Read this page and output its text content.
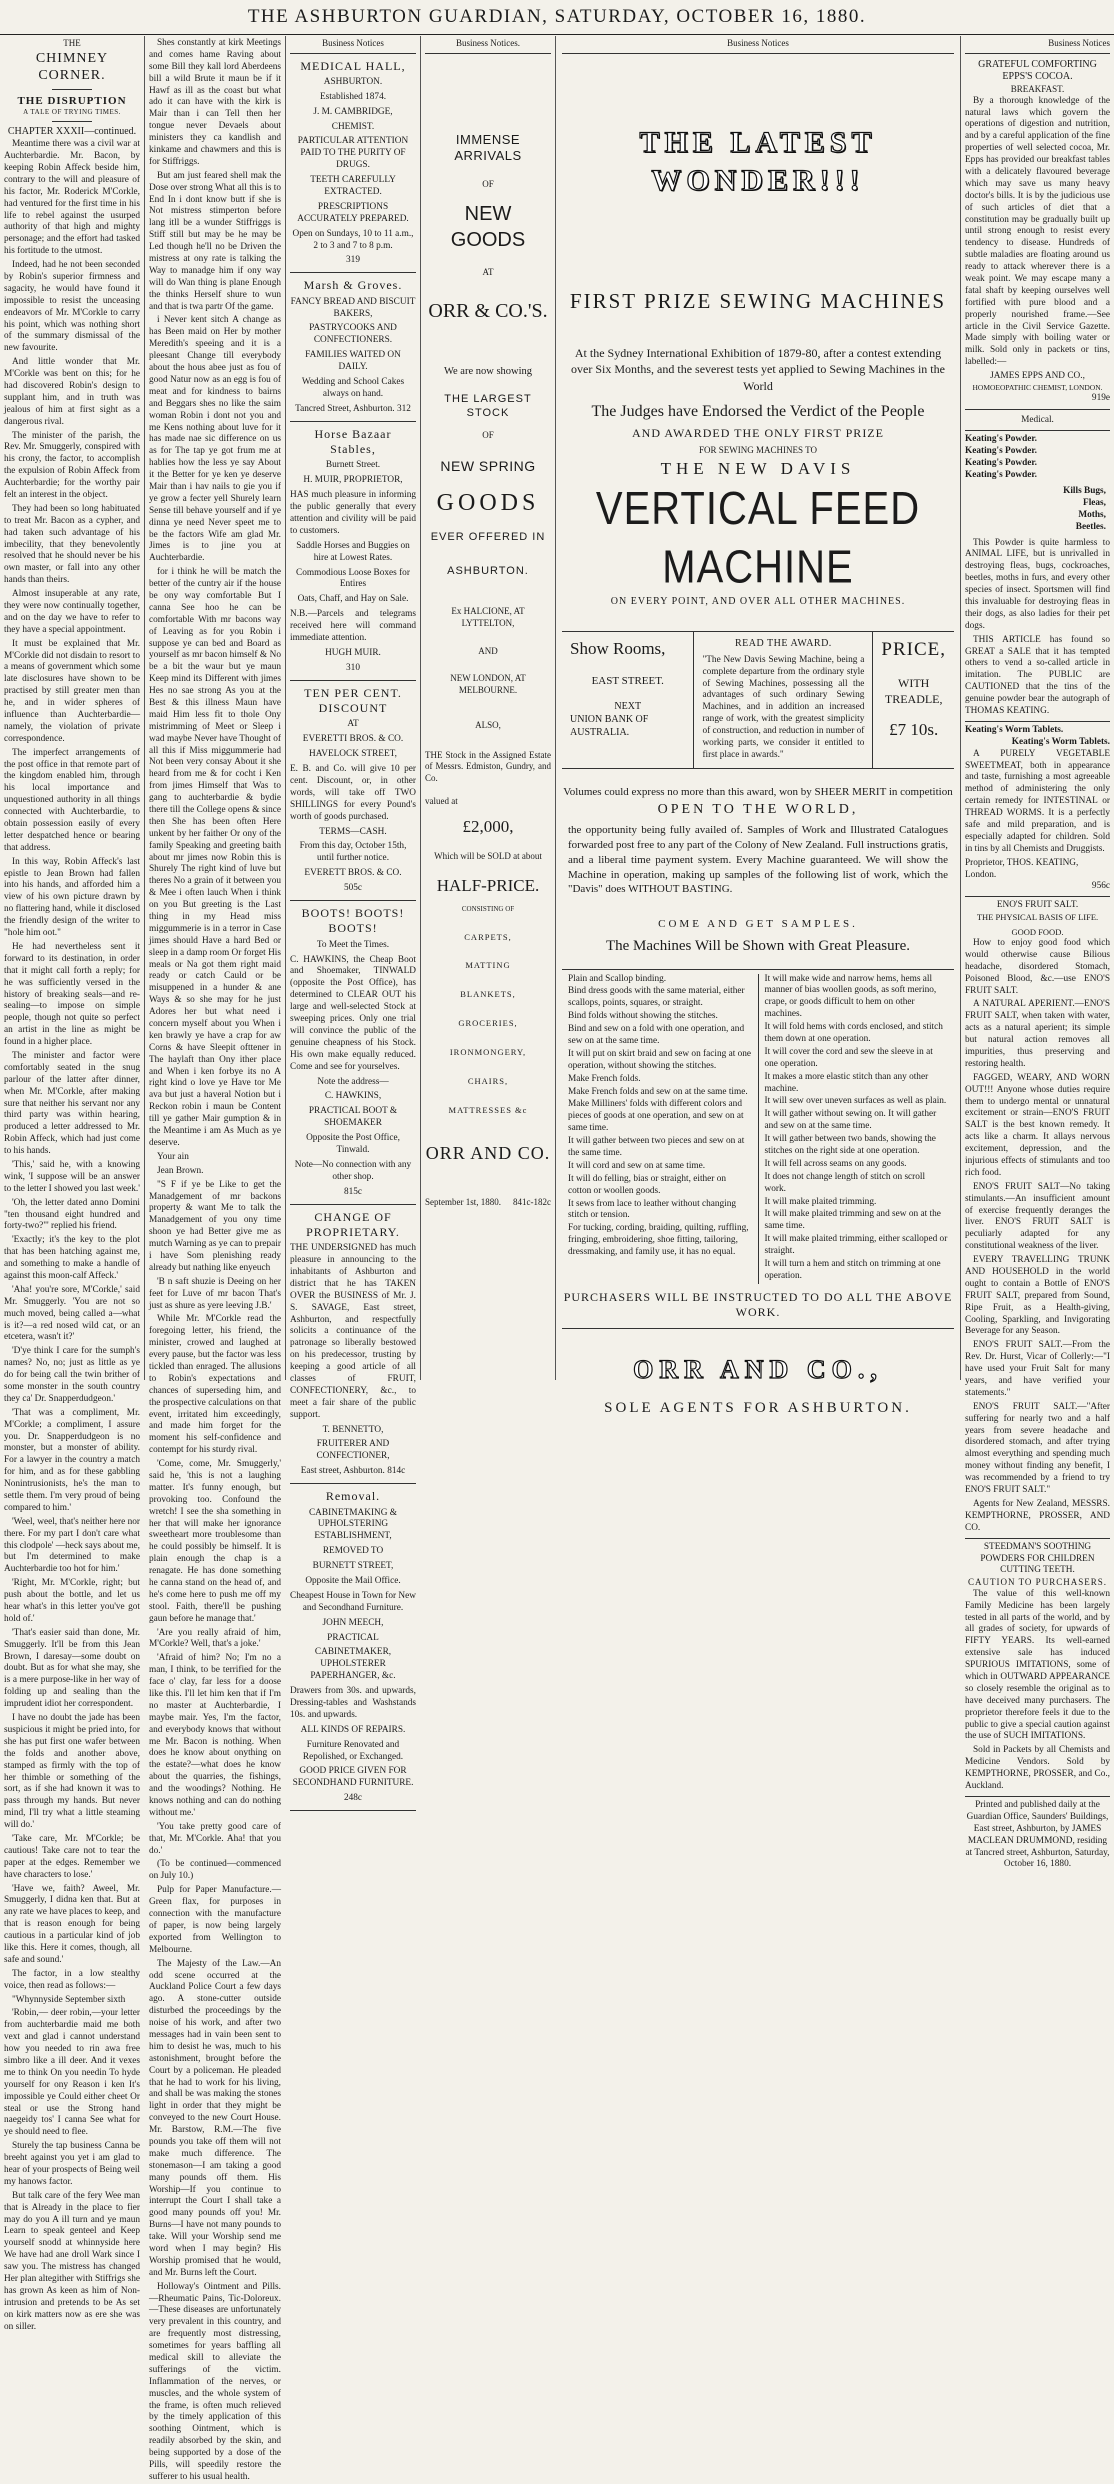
THE ASHBURTON GUARDIAN, SATURDAY, OCTOBER 16, 1880.
THE
CHIMNEY CORNER.
THE DISRUPTION
A TALE OF TRYING TIMES.
CHAPTER XXXII—continued.

Meantime there was a civil war at Auchterbardie. Mr. Bacon, by keeping Robin Affeck beside him, contrary to the will and pleasure of his factor, Mr. Roderick M'Corkle, had ventured for the first time in his life to rebel against the usurped authority of that high and mighty personage; and the effort had tasked his fortitude to the utmost.

Indeed, had he not been seconded by Robin's superior firmness and sagacity, he would have found it impossible to resist the unceasing endeavors of Mr. M'Corkle to carry his point, which was nothing short of the summary dismissal of the new favourite.

And little wonder that Mr. M'Corkle was bent on this; for he had discovered Robin's design to supplant him, and in truth was jealous of him at first sight as a dangerous rival.

The minister of the parish, the Rev. Mr. Smuggerly, conspired with his crony, the factor, to accomplish the expulsion of Robin Affeck from Auchterbardie; for the worthy pair felt an interest in the object.

They had been so long habituated to treat Mr. Bacon as a cypher, and had taken such advantage of his imbecility, that they benevolently resolved that he should never be his own master, or fall into any other hands than theirs.

Almost insuperable at any rate, they were now continually together, and on the day we have to refer to they have a special appointment.

It must be explained that Mr. M'Corkle did not disdain to resort to a means of government which some late disclosures have shown to be practised by still greater men than he, and in wider spheres of influence than Auchterbardie—namely, the violation of private correspondence.

The imperfect arrangements of the post office in that remote part of the kingdom enabled him, through his local importance and unquestioned authority in all things connected with Auchterbardie, to obtain possession easily of every letter despatched hence or bearing that address.

In this way, Robin Affeck's last epistle to Jean Brown had fallen into his hands, and afforded him a view of his own picture drawn by no flattering hand, while it disclosed the friendly design of the writer to "hole him oot."

He had nevertheless sent it forward to its destination, in order that it might call forth a reply; for he was sufficiently versed in the history of breaking seals—and re-sealing—to impose on simple people, though not quite so perfect an artist in the line as might be found in a higher place.

The minister and factor were comfortably seated in the snug parlour of the latter after dinner, when Mr. M'Corkle, after making sure that neither his servant nor any third party was within hearing, produced a letter addressed to Mr. Robin Affeck, which had just come to his hands.

'This,' said he, with a knowing wink, 'I suppose will be an answer to the letter I showed you last week.'

'Oh, the letter dated anno Domini "ten thousand eight hundred and forty-two?"' replied his friend.

'Exactly; it's the key to the plot that has been hatching against me, and something to make a handle of against this moon-calf Affeck.'

'Aha! you're sore, M'Corkle,' said Mr. Smuggerly. 'You are not so much moved, being called a—what is it?—a red nosed wild cat, or an etcetera, wasn't it?'

'D'ye think I care for the sumph's names? No, no; just as little as ye do for being call the twin brither of some monster in the south country they ca' Dr. Snapperdudgeon.'

'That was a compliment, Mr. M'Corkle; a compliment, I assure you. Dr. Snapperdudgeon is no monster, but a monster of ability. For a lawyer in the country a match for him, and as for these gabbling Nonintrusionists, he's the man to settle them. I'm very proud of being compared to him.'

'Weel, weel, that's neither here nor there. For my part I don't care what this clodpole' —heck says about me, but I'm determined to make Auchterbardie too hot for him.'

'Right, Mr. M'Corkle, right; but push about the bottle, and let us hear what's in this letter you've got hold of.'

'That's easier said than done, Mr. Smuggerly. It'll be from this Jean Brown, I daresay—some doubt on doubt. But as for what she may, she is a mere purpose-like in her way of folding up and sealing than the imprudent idiot her correspondent.

I have no doubt the jade has been suspicious it might be pried into, for she has put first one wafer between the folds and another above, stamped as firmly with the top of her thimble or something of the sort, as if she had known it was to pass through my hands. But never mind, I'll try what a little steaming will do.'

'Take care, Mr. M'Corkle; be cautious! Take care not to tear the paper at the edges. Remember we have characters to lose.'

'Have we, faith? Aweel, Mr. Smuggerly, I didna ken that. But at any rate we have places to keep, and that is reason enough for being cautious in a particular kind of job like this. Here it comes, though, all safe and sound.'

The factor, in a low stealthy voice, then read as follows:—

"Whynnyside September sixth

'Robin,— deer robin,—your letter from auchterbardie maid me both vext and glad i cannot understand how you needed to rin awa free simbro like a ill deer. And it vexes me to think On you needin To hyde yourself for ony Reason i ken It's impossible ye Could either cheet Or steal or use the Strong hand naegeidy tos' I canna See what for ye should need to flee.

Sturely the tap business Canna be breeht against you yet i am glad to hear of your prospects of Being weil my hanows factor.

But talk care of the fery Wee man that is Already in the place to fier may do you A ill turn and ye maun Learn to speak genteel and Keep yourself snodd at whinnyside here We have had ane droll Wark since I saw you. The mistress has changed Her plan altegither with Stiffrigs she has grown As keen as him of Non-intrusion and pretends to be As set on kirk matters now as ere she was on siller.

Shes constantly at kirk Meetings and comes hame Raving about some Bill they kall lord Aberdeens bill a wild Brute it maun be if it Hawf as ill as the coast but what ado it can have with the kirk is Mair than i can Tell then her tongue never Devaels about ministers they ca kandlish and kinkame and chawmers and this is for Stiffriggs.

But am just feared shell mak the Dose over strong What all this is to End In i dont know butt if she is Not mistress stimperton before lang itll be a wunder Stiffriggs is Stiff still but may be he may be Led though he'll no be Driven the mistress at ony rate is talking the Way to manadge him if ony way will do Wan thing is plane Enough the thinks Herself shure to wun and that is twa partr Of the game.

i Never kent sitch A change as has Been maid on Her by mother Meredith's speeing and it is a pleesant Change till everybody about the hous abee just as fou of good Natur now as an egg is fou of meat and for kindness to bairns and Beggars shes no like the saim woman Robin i dont not you and me Kens nothing about luve for it has made nae sic difference on us as for The tap ye got frum me at hablies how the less ye say About it the Better for ye ken ye deserve Mair than i hav nails to gie you if ye grow a fecter yell Shurely learn Sense till behave yourself and if ye dinna ye need Never speet me to be the factors Wife am glad Mr. Jimes is to jine you at Auchterbardie.

for i think he will be match the better of the cuntry air if the house be ony way comfortable But I canna See hoo he can be comfortable With mr bacons way of Leaving as for you Robin i suppose ye can bed and Board as yourself as mr bacon himself & No be a bit the waur but ye maun Keep mind its Different with jimes Hes no sae strong As you at the Best & this illness Maun have maid Him less fit to thole Ony mistrimming of Meet or Sleep i wad maybe Never have Thought of all this if Miss miggummerie had Not been very consay About it she heard from me & for cocht i Ken from jimes Himself that Was to gang to auchterbardie & bydie there till the College opens & since then She has been often Here unkent by her faither Or ony of the family Speaking and greeting baith about mr jimes now Robin this is Shurely The right kind of luve but theres No a grain of it between you & Mee i often lauch When i think on you But greeting is the Last thing in my Head miss miggummerie is in a terror in Case jimes should Have a hard Bed or sleep in a damp room Or forget His meals or Na got them right maid ready or catch Cauld or be misuppened in a hunder & ane Ways & so she may for he just Adores her but what need i concern myself about you When i ken brawly ye have a crap for aw Corns & have Sleepit ofttener in The haylaft than Ony ither place and When i ken forbye its no A right kind o love ye Have tor Me ava but just a haveral Notion but i Reckon robin i maun be Content till ye gather Mair gumption & in the Meantime i am As Much as ye deserve.

Your ain

Jean Brown.

"S F if ye be Like to get the Manadgement of mr backons property & want Me to talk the Manadgement of you ony time shoon ye had Better give me as mutch Warning as ye can to prepair i have Som plenishing ready already but nathing like enyeuch

'B n saft shuzie is Deeing on her feet for Luve of mr bacon That's just as shure as yere leeving J.B.'

While Mr. M'Corkle read the foregoing letter, his friend, the minister, crowed and laughed at every pause, but the factor was less tickled than enraged. The allusions to Robin's expectations and chances of superseding him, and the prospective calculations on that event, irritated him exceedingly, and made him forget for the moment his self-confidence and contempt for his sturdy rival.

'Come, come, Mr. Smuggerly,' said he, 'this is not a laughing matter. It's funny enough, but provoking too. Confound the wretch! I see the sha something in her that will make her ignorance sweetheart more troublesome than he could possibly be himself. It is plain enough the chap is a renagate. He has done something he canna stand on the head of, and he's come here to push me off my stool. Faith, there'll be pushing gaun before he manage that.'

'Are you really afraid of him, M'Corkle? Well, that's a joke.'

'Afraid of him? No; I'm no a man, I think, to be terrified for the face o' clay, far less for a doose like this. I'll let him ken that if I'm no master at Auchterbardie, I maybe mair. Yes, I'm the factor, and everybody knows that without me Mr. Bacon is nothing. When does he know about onything on the estate?—what does he know about the quarries, the fishings, and the woodings? Nothing. He knows nothing and can do nothing without me.'

'You take pretty good care of that, Mr. M'Corkle. Aha! that you do.'

(To be continued—commenced on July 10.)

Pulp for Paper Manufacture.—Green flax, for purposes in connection with the manufacture of paper, is now being largely exported from Wellington to Melbourne.

The Majesty of the Law.—An odd scene occurred at the Auckland Police Court a few days ago. A stone-cutter outside disturbed the proceedings by the noise of his work, and after two messages had in vain been sent to him to desist he was, much to his astonishment, brought before the Court by a policeman. He pleaded that he had to work for his living, and shall be was making the stones light in order that they might be conveyed to the new Court House. Mr. Barstow, R.M.—The five pounds you take off them will not make much difference. The stonemason—I am taking a good many pounds off them. His Worship—If you continue to interrupt the Court I shall take a good many pounds off you! Mr. Burns—I have not many pounds to take. Will your Worship send me word when I may begin? His Worship promised that he would, and Mr. Burns left the Court.

Holloway's Ointment and Pills.—Rheumatic Pains, Tic-Doloreux.—These diseases are unfortunately very prevalent in this country, and are frequently most distressing, sometimes for years baffling all medical skill to alleviate the sufferings of the victim. Inflammation of the nerves, or muscles, and the whole system of the frame, is often much relieved by the timely application of this soothing Ointment, which is readily absorbed by the skin, and being supported by a dose of the Pills, will speedily restore the sufferer to his usual health.

Business Notices
MEDICAL HALL,
ASHBURTON.
Established 1874.
J. M. CAMBRIDGE,
CHEMIST.
PARTICULAR ATTENTION PAID TO THE PURITY OF DRUGS.
TEETH CAREFULLY EXTRACTED.
PRESCRIPTIONS ACCURATELY PREPARED.
Open on Sundays, 10 to 11 a.m., 2 to 3 and 7 to 8 p.m.
319
Marsh & Groves.
FANCY BREAD AND BISCUIT BAKERS,
PASTRYCOOKS AND CONFECTIONERS.
FAMILIES WAITED ON DAILY.
Wedding and School Cakes always on hand.
Tancred Street, Ashburton. 312
Horse Bazaar Stables,
Burnett Street.
H. MUIR, PROPRIETOR,
HAS much pleasure in informing the public generally that every attention and civility will be paid to customers.
Saddle Horses and Buggies on hire at Lowest Rates.
Commodious Loose Boxes for Entires
Oats, Chaff, and Hay on Sale.
N.B.—Parcels and telegrams received here will command immediate attention.
HUGH MUIR.
310
TEN PER CENT. DISCOUNT
AT
EVERETTI BROS. & CO.
HAVELOCK STREET,
E. B. and Co. will give 10 per cent. Discount, or, in other words, will take off TWO SHILLINGS for every Pound's worth of goods purchased.
TERMS—CASH.
From this day, October 15th, until further notice.
EVERETT BROS. & CO.
505c
BOOTS! BOOTS! BOOTS!
To Meet the Times.
C. HAWKINS, the Cheap Boot and Shoemaker, TINWALD (opposite the Post Office), has determined to CLEAR OUT his large and well-selected Stock at sweeping prices. Only one trial will convince the public of the genuine cheapness of his Stock. His own make equally reduced. Come and see for yourselves.
Note the address—
C. HAWKINS,
PRACTICAL BOOT & SHOEMAKER
Opposite the Post Office, Tinwald.
Note—No connection with any other shop.
815c
CHANGE OF PROPRIETARY.
THE UNDERSIGNED has much pleasure in announcing to the inhabitants of Ashburton and district that he has TAKEN OVER the BUSINESS of Mr. J. S. SAVAGE, East street, Ashburton, and respectfully solicits a continuance of the patronage so liberally bestowed on his predecessor, trusting by keeping a good article of all classes of FRUIT, CONFECTIONERY, &c., to meet a fair share of the public support.
T. BENNETTO,
FRUITERER AND CONFECTIONER,
East street, Ashburton. 814c
Removal.
CABINETMAKING & UPHOLSTERING ESTABLISHMENT,
REMOVED TO
BURNETT STREET,
Opposite the Mail Office.
Cheapest House in Town for New and Secondhand Furniture.
JOHN MEECH,
PRACTICAL
CABINETMAKER, UPHOLSTERER PAPERHANGER, &c.
Drawers from 30s. and upwards, Dressing-tables and Washstands 10s. and upwards.
ALL KINDS OF REPAIRS.
Furniture Renovated and Repolished, or Exchanged.
GOOD PRICE GIVEN FOR SECONDHAND FURNITURE.
248c
Business Notices.
IMMENSE ARRIVALS
OF
NEW GOODS
AT
ORR & CO.'S.
We are now showing
THE LARGEST STOCK
OF
NEW SPRING
GOODS
EVER OFFERED IN
ASHBURTON.
Ex HALCIONE, AT LYTTELTON,
AND
NEW LONDON, AT MELBOURNE.
ALSO,
THE Stock in the Assigned Estate of Messrs. Edmiston, Gundry, and Co.
valued at
£2,000,
Which will be SOLD at about
HALF-PRICE.
CONSISTING OF
CARPETS,
MATTING
BLANKETS,
GROCERIES,
IRONMONGERY,
CHAIRS,
MATTRESSES &c
ORR AND CO.
September 1st, 1880. 841c-182c
Business Notices
THE LATEST WONDER!!!
FIRST PRIZE SEWING MACHINES
At the Sydney International Exhibition of 1879-80, after a contest extending over Six Months, and the severest tests yet applied to Sewing Machines in the World
The Judges have Endorsed the Verdict of the People
AND AWARDED THE ONLY FIRST PRIZE
FOR SEWING MACHINES TO
THE NEW DAVIS
VERTICAL FEED MACHINE
ON EVERY POINT, AND OVER ALL OTHER MACHINES.
Show Rooms,
EAST STREET.
NEXT
UNION BANK OF AUSTRALIA.
READ THE AWARD.
"The New Davis Sewing Machine, being a complete departure from the ordinary style of Sewing Machines, possessing all the advantages of such ordinary Sewing Machines, and in addition an increased range of work, with the greatest simplicity of construction, and reduction in number of working parts, we consider it entitled to first place in awards."
PRICE,
WITH TREADLE,
£7 10s.
Volumes could express no more than this award, won by SHEER MERIT in competition
OPEN TO THE WORLD,
the opportunity being fully availed of. Samples of Work and Illustrated Catalogues forwarded post free to any part of the Colony of New Zealand. Full instructions gratis, and a liberal time payment system. Every Machine guaranteed. We will show the Machine in operation, making up samples of the following list of work, which the "Davis" does WITHOUT BASTING.
COME AND GET SAMPLES.
The Machines Will be Shown with Great Pleasure.
Plain and Scallop binding.
Bind dress goods with the same material, either scallops, points, squares, or straight.
Bind folds without showing the stitches.
Bind and sew on a fold with one operation, and sew on at the same time.
It will put on skirt braid and sew on facing at one operation, without showing the stitches.
Make French folds.
Make French folds and sew on at the same time.
Make Milliners' folds with different colors and pieces of goods at one operation, and sew on at same time.
It will gather between two pieces and sew on at the same time.
It will cord and sew on at same time.
It will do felling, bias or straight, either on cotton or woollen goods.
It sews from lace to leather without changing stitch or tension.
For tucking, cording, braiding, quilting, ruffling, fringing, embroidering, shoe fitting, tailoring, dressmaking, and family use, it has no equal.
It will make wide and narrow hems, hems all manner of bias woollen goods, as soft merino, crape, or goods difficult to hem on other machines.
It will fold hems with cords enclosed, and stitch them down at one operation.
It will cover the cord and sew the sleeve in at one operation.
It makes a more elastic stitch than any other machine.
It will sew over uneven surfaces as well as plain.
It will gather without sewing on. It will gather and sew on at the same time.
It will gather between two bands, showing the stitches on the right side at one operation.
It will fell across seams on any goods.
It does not change length of stitch on scroll work.
It will make plaited trimming.
It will make plaited trimming and sew on at the same time.
It will make plaited trimming, either scalloped or straight.
It will turn a hem and stitch on trimming at one operation.
PURCHASERS WILL BE INSTRUCTED TO DO ALL THE ABOVE WORK.
ORR AND CO.,
SOLE AGENTS FOR ASHBURTON.
Business Notices
GRATEFUL COMFORTING EPPS'S COCOA.
BREAKFAST.

By a thorough knowledge of the natural laws which govern the operations of digestion and nutrition, and by a careful application of the fine properties of well selected cocoa, Mr. Epps has provided our breakfast tables with a delicately flavoured beverage which may save us many heavy doctor's bills. It is by the judicious use of such articles of diet that a constitution may be gradually built up until strong enough to resist every tendency to disease. Hundreds of subtle maladies are floating around us ready to attack wherever there is a weak point. We may escape many a fatal shaft by keeping ourselves well fortified with pure blood and a properly nourished frame.—See article in the Civil Service Gazette. Made simply with boiling water or milk. Sold only in packets or tins, labelled:—

JAMES EPPS AND CO.,
HOMOEOPATHIC CHEMIST, LONDON.
919e
Medical.
Keating's Powder.
Keating's Powder.
Keating's Powder.
Keating's Powder.
Kills Bugs,
Fleas,
Moths,
Beetles.

This Powder is quite harmless to ANIMAL LIFE, but is unrivalled in destroying fleas, bugs, cockroaches, beetles, moths in furs, and every other species of insect. Sportsmen will find this invaluable for destroying fleas in their dogs, as also ladies for their pet dogs.

THIS ARTICLE has found so GREAT a SALE that it has tempted others to vend a so-called article in imitation. The PUBLIC are CAUTIONED that the tins of the genuine powder bear the autograph of THOMAS KEATING.

Keating's Worm Tablets.
Keating's Worm Tablets.

A PURELY VEGETABLE SWEETMEAT, both in appearance and taste, furnishing a most agreeable method of administering the only certain remedy for INTESTINAL or THREAD WORMS. It is a perfectly safe and mild preparation, and is especially adapted for children. Sold in tins by all Chemists and Druggists.

Proprietor, THOS. KEATING, London.
956c
ENO'S FRUIT SALT.
THE PHYSICAL BASIS OF LIFE.
GOOD FOOD.

How to enjoy good food which would otherwise cause Bilious headache, disordered Stomach, Poisoned Blood, &c.—use ENO'S FRUIT SALT.

A NATURAL APERIENT.—ENO'S FRUIT SALT, when taken with water, acts as a natural aperient; its simple but natural action removes all impurities, thus preserving and restoring health.

FAGGED, WEARY, AND WORN OUT!!! Anyone whose duties require them to undergo mental or unnatural excitement or strain—ENO'S FRUIT SALT is the best known remedy. It acts like a charm. It allays nervous excitement, depression, and the injurious effects of stimulants and too rich food.

ENO'S FRUIT SALT—No taking stimulants.—An insufficient amount of exercise frequently deranges the liver. ENO'S FRUIT SALT is peculiarly adapted for any constitutional weakness of the liver.

EVERY TRAVELLING TRUNK AND HOUSEHOLD in the world ought to contain a Bottle of ENO'S FRUIT SALT, prepared from Sound, Ripe Fruit, as a Health-giving, Cooling, Sparkling, and Invigorating Beverage for any Season.

ENO'S FRUIT SALT.—From the Rev. Dr. Hurst, Vicar of Collerly:—"I have used your Fruit Salt for many years, and have verified your statements."

ENO'S FRUIT SALT.—"After suffering for nearly two and a half years from severe headache and disordered stomach, and after trying almost everything and spending much money without finding any benefit, I was recommended by a friend to try ENO'S FRUIT SALT."

Agents for New Zealand, MESSRS. KEMPTHORNE, PROSSER, AND CO.

STEEDMAN'S SOOTHING POWDERS FOR CHILDREN CUTTING TEETH.
CAUTION TO PURCHASERS.

The value of this well-known Family Medicine has been largely tested in all parts of the world, and by all grades of society, for upwards of FIFTY YEARS. Its well-earned extensive sale has induced SPURIOUS IMITATIONS, some of which in OUTWARD APPEARANCE so closely resemble the original as to have deceived many purchasers. The proprietor therefore feels it due to the public to give a special caution against the use of SUCH IMITATIONS.

Sold in Packets by all Chemists and Medicine Vendors. Sold by KEMPTHORNE, PROSSER, and Co., Auckland.

Printed and published daily at the Guardian Office, Saunders' Buildings, East street, Ashburton, by JAMES MACLEAN DRUMMOND, residing at Tancred street, Ashburton, Saturday, October 16, 1880.
